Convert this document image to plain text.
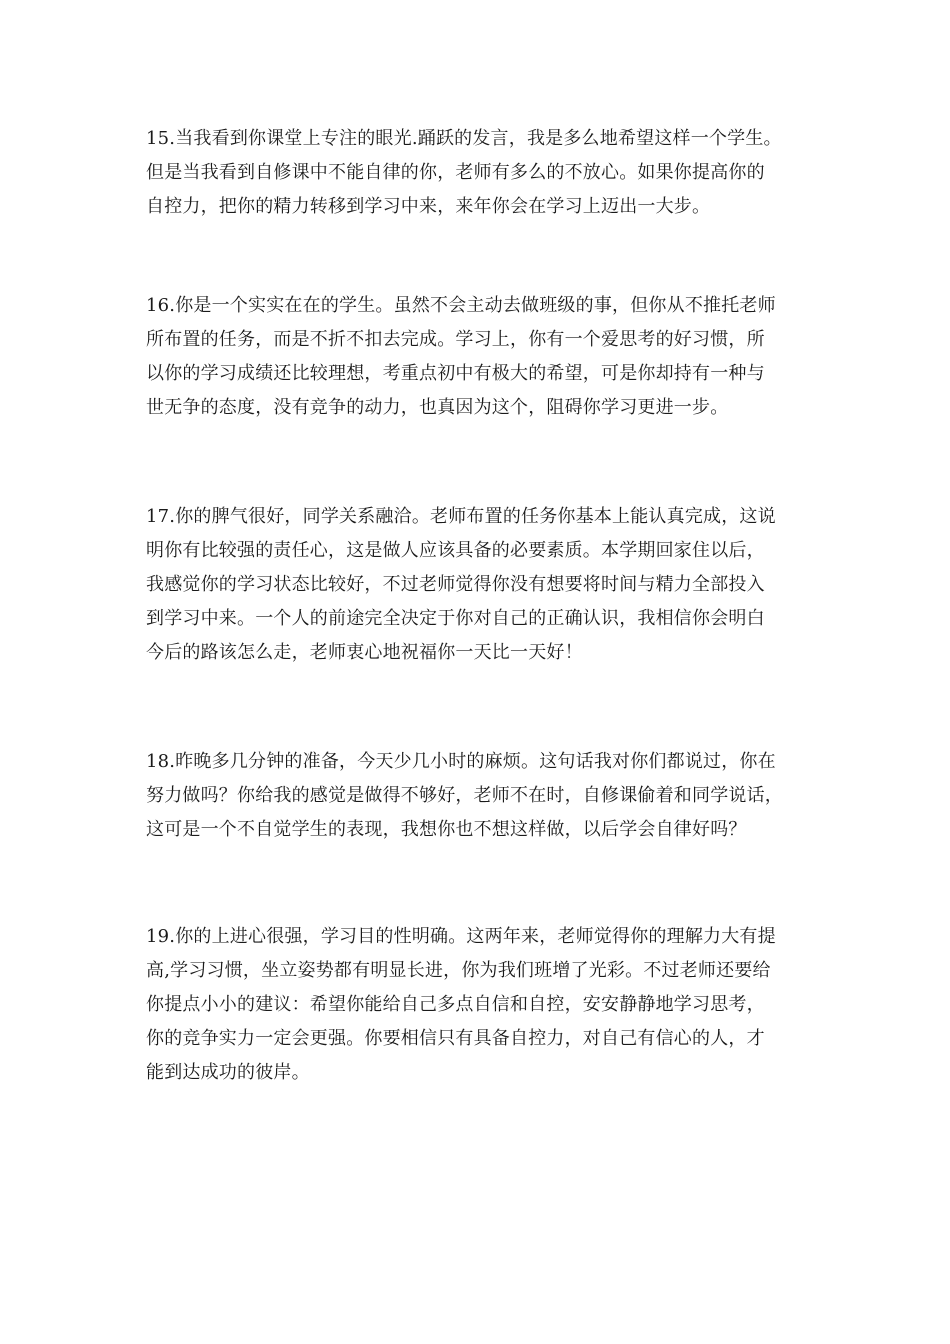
15.当我看到你课堂上专注的眼光.踊跃的发言，我是多么地希望这样一个学生。
但是当我看到自修课中不能自律的你，老师有多么的不放心。如果你提高你的
自控力，把你的精力转移到学习中来，来年你会在学习上迈出一大步。

16.你是一个实实在在的学生。虽然不会主动去做班级的事，但你从不推托老师
所布置的任务，而是不折不扣去完成。学习上，你有一个爱思考的好习惯，所
以你的学习成绩还比较理想，考重点初中有极大的希望，可是你却持有一种与
世无争的态度，没有竞争的动力，也真因为这个，阻碍你学习更进一步。

17.你的脾气很好，同学关系融洽。老师布置的任务你基本上能认真完成，这说
明你有比较强的责任心，这是做人应该具备的必要素质。本学期回家住以后，
我感觉你的学习状态比较好，不过老师觉得你没有想要将时间与精力全部投入
到学习中来。一个人的前途完全决定于你对自己的正确认识，我相信你会明白
今后的路该怎么走，老师衷心地祝福你一天比一天好！

18.昨晚多几分钟的准备，今天少几小时的麻烦。这句话我对你们都说过，你在
努力做吗？你给我的感觉是做得不够好，老师不在时，自修课偷着和同学说话，
这可是一个不自觉学生的表现，我想你也不想这样做，以后学会自律好吗？

19.你的上进心很强，学习目的性明确。这两年来，老师觉得你的理解力大有提
高,学习习惯，坐立姿势都有明显长进，你为我们班增了光彩。不过老师还要给
你提点小小的建议：希望你能给自己多点自信和自控，安安静静地学习思考，
你的竞争实力一定会更强。你要相信只有具备自控力，对自己有信心的人，才
能到达成功的彼岸。
